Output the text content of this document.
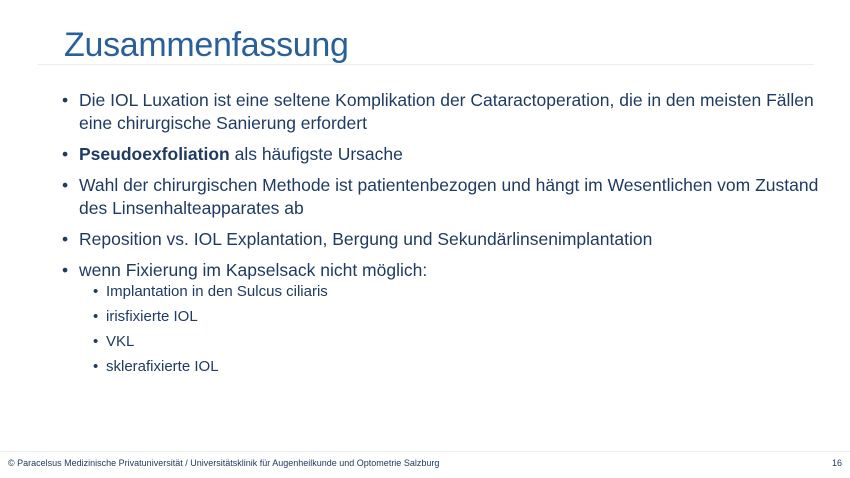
Zusammenfassung
• Die IOL Luxation ist eine seltene Komplikation der Cataractoperation, die in den meisten Fällen eine chirurgische Sanierung erfordert
• Pseudoexfoliation als häufigste Ursache
• Wahl der chirurgischen Methode ist patientenbezogen und hängt im Wesentlichen vom Zustand des Linsenhalteapparates ab
• Reposition vs. IOL Explantation, Bergung und Sekundärlinsenimplantation
• wenn Fixierung im Kapselsack nicht möglich:
• Implantation in den Sulcus ciliaris
• irisfixierte IOL
• VKL
• sklerafixierte IOL
© Paracelsus Medizinische Privatuniversität / Universitätsklinik für Augenheilkunde und Optometrie Salzburg	16
